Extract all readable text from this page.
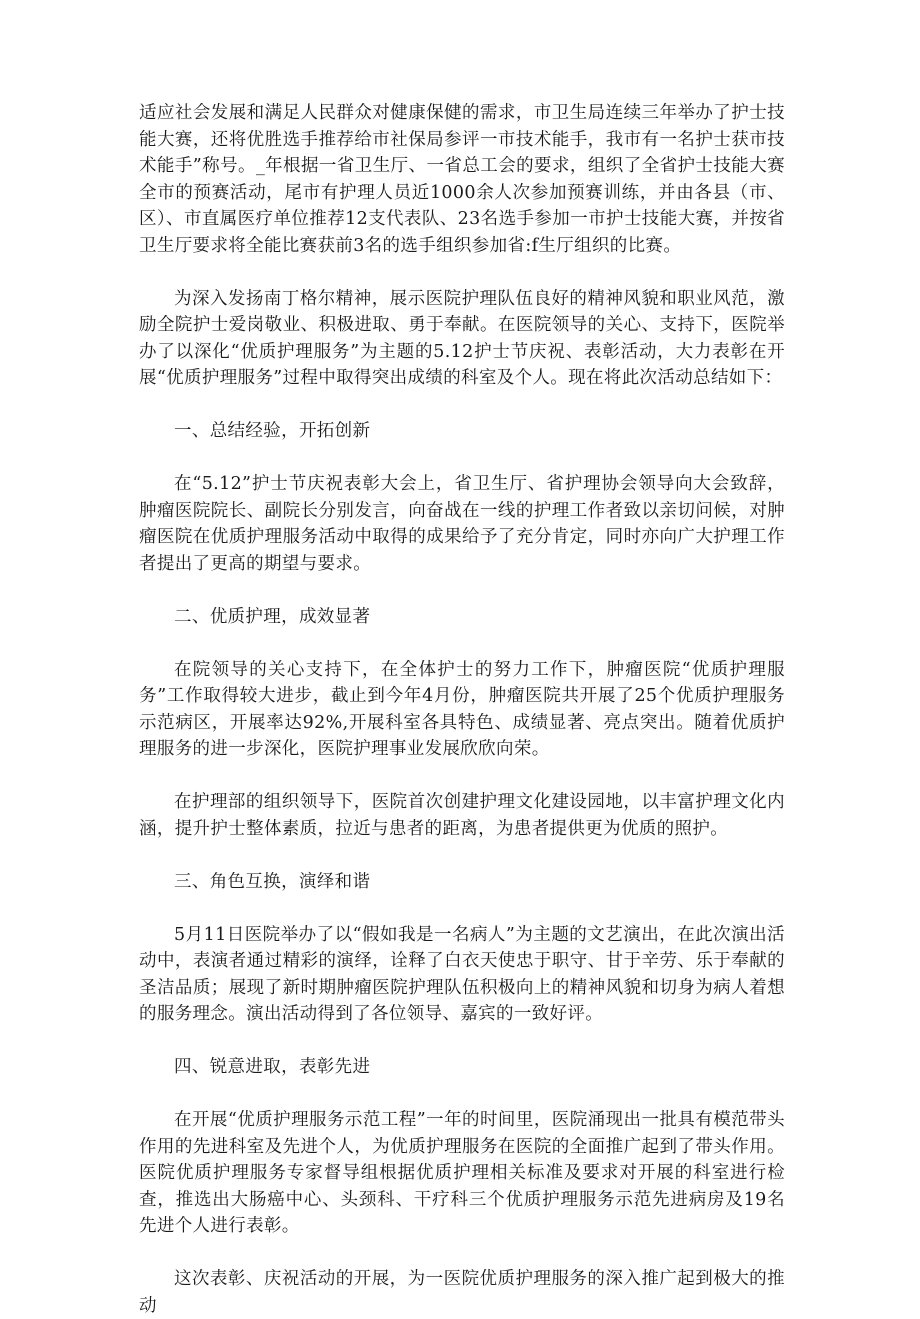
适应社会发展和满足人民群众对健康保健的需求，市卫生局连续三年举办了护士技能大赛，还将优胜选手推荐给市社保局参评一市技术能手，我市有一名护士获市技术能手”称号。_年根据一省卫生厅、一省总工会的要求，组织了全省护士技能大赛全市的预赛活动，尾市有护理人员近1000余人次参加预赛训练，并由各县（市、区）、市直属医疗单位推荐12支代表队、23名选手参加一市护士技能大赛，并按省卫生厅要求将全能比赛获前3名的选手组织参加省:f生厅组织的比赛。

为深入发扬南丁格尔精神，展示医院护理队伍良好的精神风貌和职业风范，激励全院护士爱岗敬业、积极进取、勇于奉献。在医院领导的关心、支持下，医院举办了以深化“优质护理服务”为主题的5.12护士节庆祝、表彰活动，大力表彰在开展“优质护理服务”过程中取得突出成绩的科室及个人。现在将此次活动总结如下：

一、总结经验，开拓创新

在“5.12”护士节庆祝表彰大会上，省卫生厅、省护理协会领导向大会致辞，肿瘤医院院长、副院长分别发言，向奋战在一线的护理工作者致以亲切问候，对肿瘤医院在优质护理服务活动中取得的成果给予了充分肯定，同时亦向广大护理工作者提出了更高的期望与要求。

二、优质护理，成效显著

在院领导的关心支持下，在全体护士的努力工作下，肿瘤医院“优质护理服务”工作取得较大进步，截止到今年4月份，肿瘤医院共开展了25个优质护理服务示范病区，开展率达92%,开展科室各具特色、成绩显著、亮点突出。随着优质护理服务的进一步深化，医院护理事业发展欣欣向荣。

在护理部的组织领导下，医院首次创建护理文化建设园地，以丰富护理文化内涵，提升护士整体素质，拉近与患者的距离，为患者提供更为优质的照护。

三、角色互换，演绎和谐

5月11日医院举办了以“假如我是一名病人”为主题的文艺演出，在此次演出活动中，表演者通过精彩的演绎，诠释了白衣天使忠于职守、甘于辛劳、乐于奉献的圣洁品质；展现了新时期肿瘤医院护理队伍积极向上的精神风貌和切身为病人着想的服务理念。演出活动得到了各位领导、嘉宾的一致好评。

四、锐意进取，表彰先进

在开展“优质护理服务示范工程”一年的时间里，医院涌现出一批具有模范带头作用的先进科室及先进个人，为优质护理服务在医院的全面推广起到了带头作用。医院优质护理服务专家督导组根据优质护理相关标准及要求对开展的科室进行检查，推选出大肠癌中心、头颈科、干疗科三个优质护理服务示范先进病房及19名先进个人进行表彰。

这次表彰、庆祝活动的开展，为一医院优质护理服务的深入推广起到极大的推动
